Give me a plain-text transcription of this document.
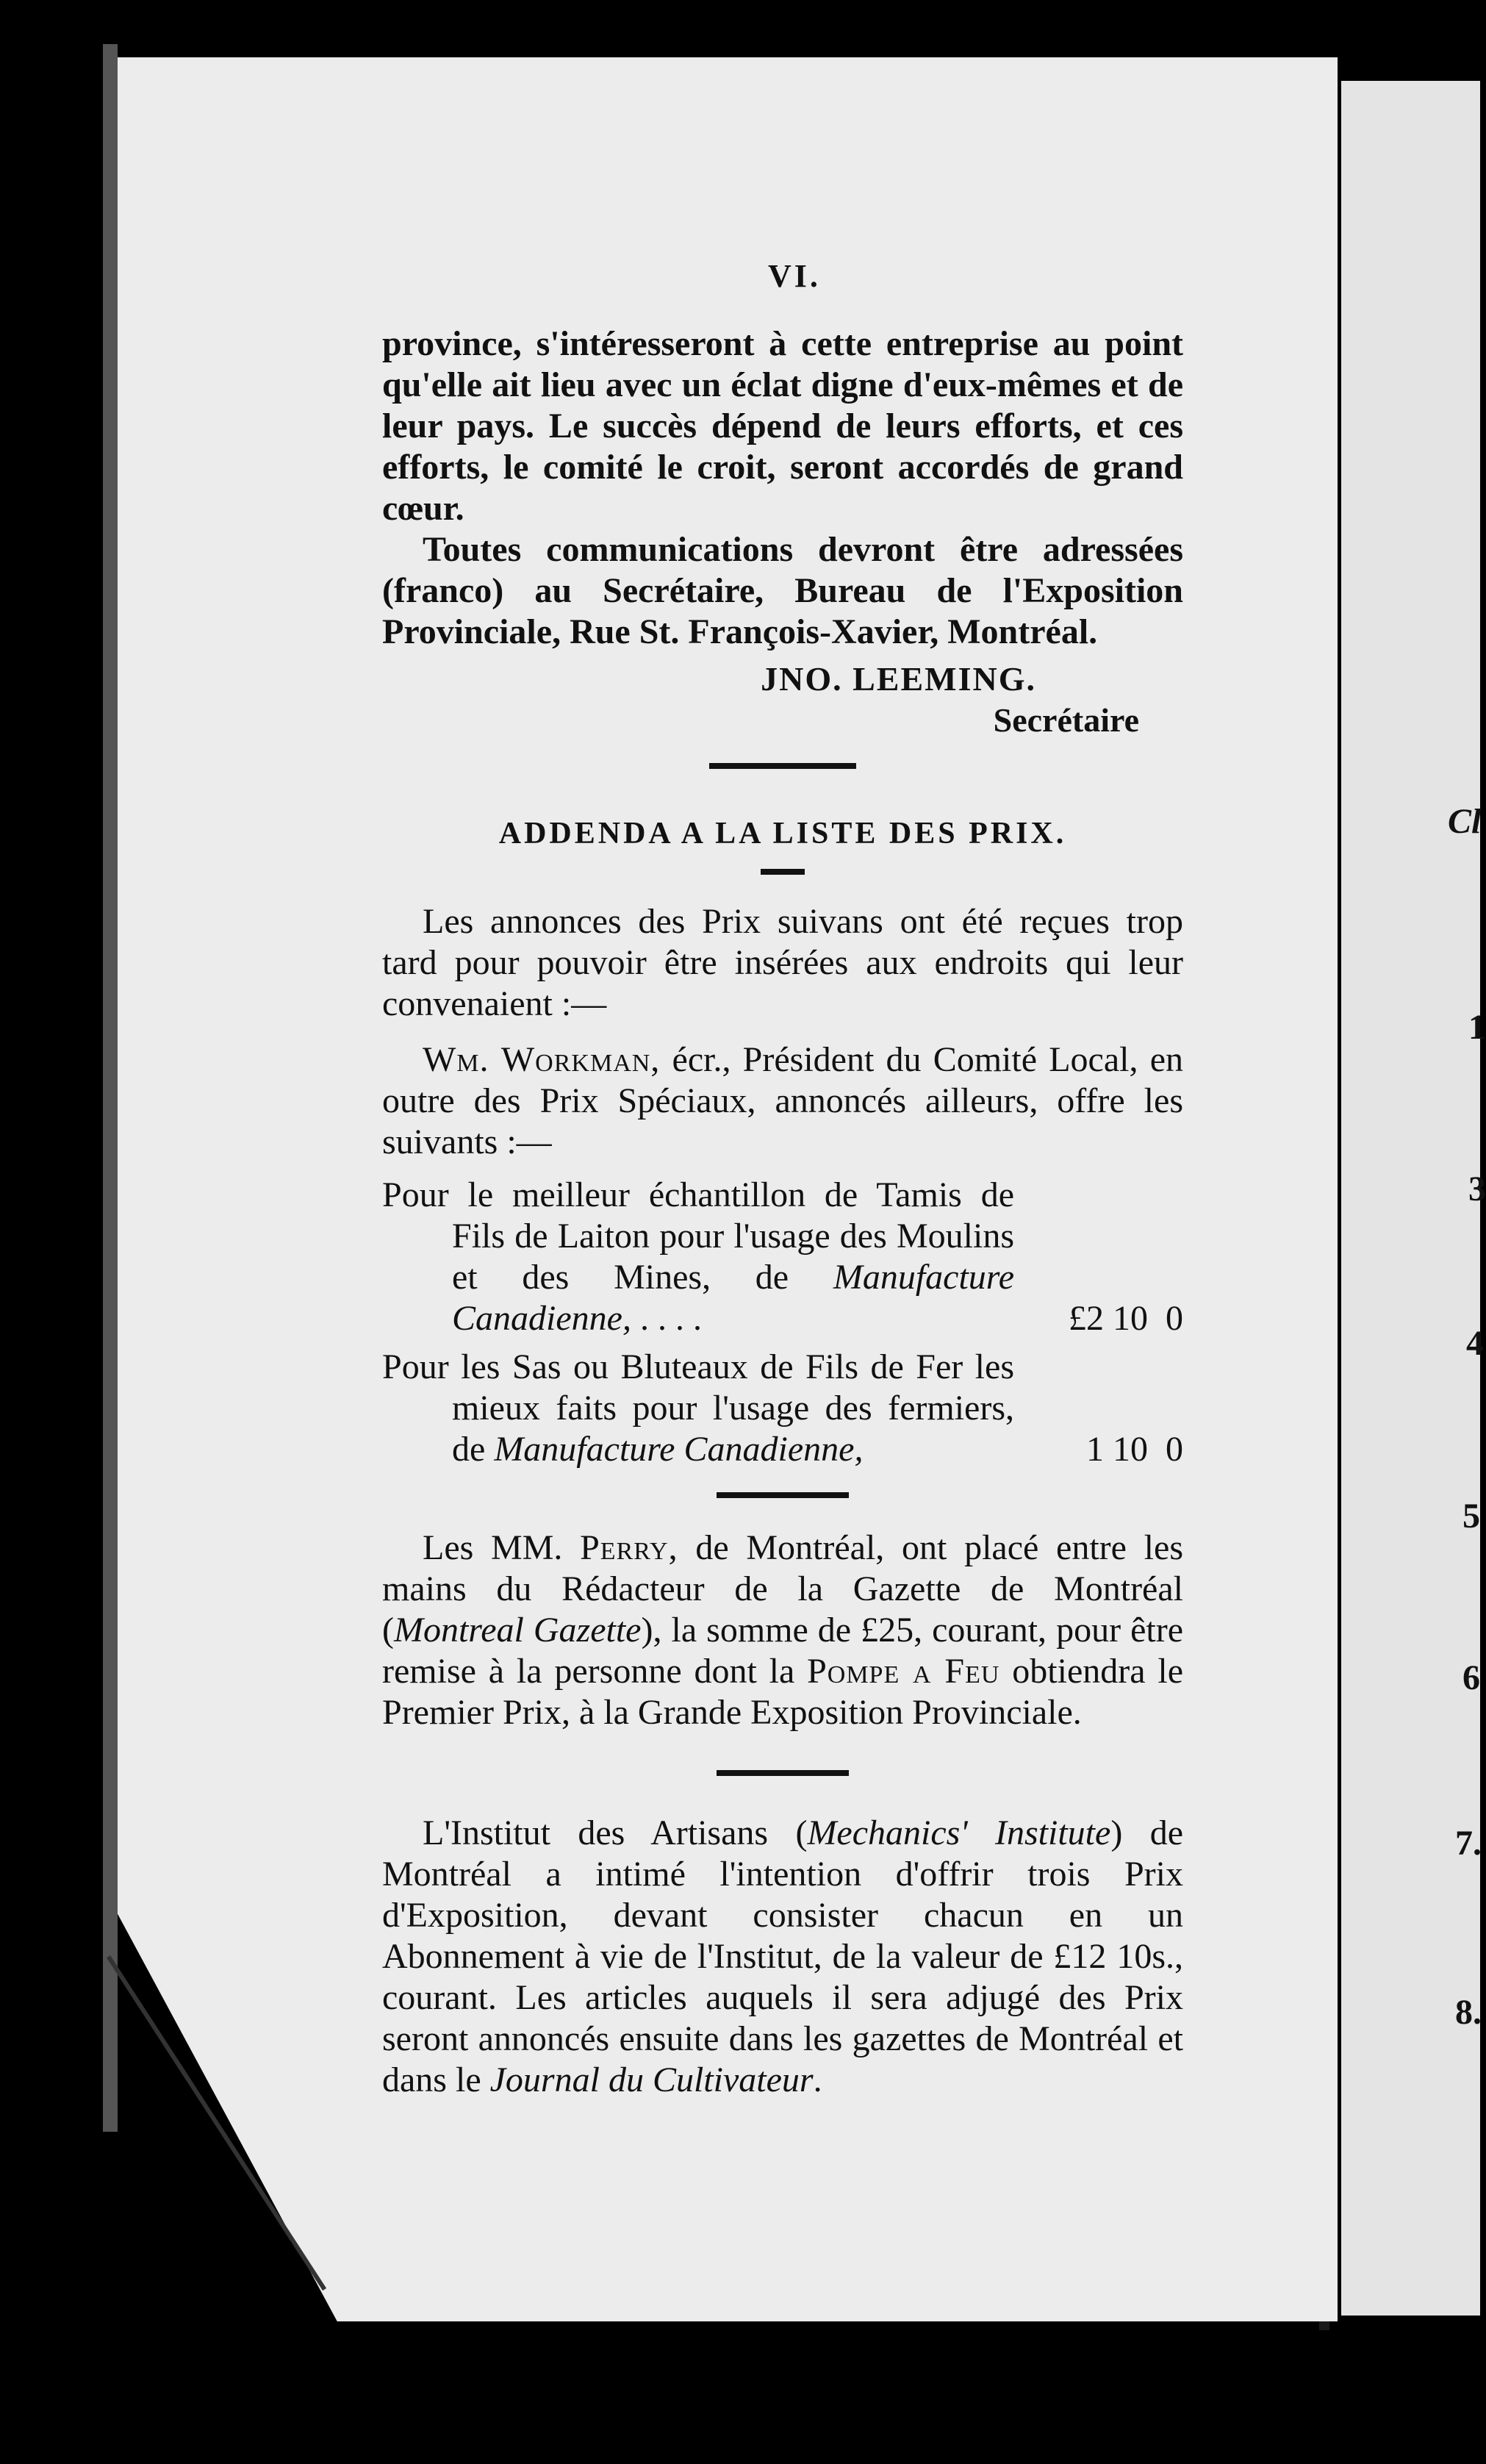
VI.

province, s'intéresseront à cette entreprise au point qu'elle ait lieu avec un éclat digne d'eux-mêmes et de leur pays. Le succès dépend de leurs efforts, et ces efforts, le comité le croit, seront accordés de grand cœur.

Toutes communications devront être adressées (franco) au Secrétaire, Bureau de l'Exposition Provinciale, Rue St. François-Xavier, Montréal.

JNO. LEEMING.

Secrétaire

ADDENDA A LA LISTE DES PRIX.

Les annonces des Prix suivans ont été reçues trop tard pour pouvoir être insérées aux endroits qui leur convenaient :—

Wm. Workman, écr., Président du Comité Local, en outre des Prix Spéciaux, annoncés ailleurs, offre les suivants :—

Pour le meilleur échantillon de Tamis de Fils de Laiton pour l'usage des Moulins et des Mines, de Manufacture Canadienne, . . . .	£2 10  0
Pour les Sas ou Bluteaux de Fils de Fer les mieux faits pour l'usage des fermiers, de Manufacture Canadienne,	1 10  0

Les MM. Perry, de Montréal, ont placé entre les mains du Rédacteur de la Gazette de Montréal (Montreal Gazette), la somme de £25, courant, pour être remise à la personne dont la Pompe a Feu obtiendra le Premier Prix, à la Grande Exposition Provinciale.

L'Institut des Artisans (Mechanics' Institute) de Montréal a intimé l'intention d'offrir trois Prix d'Exposition, devant consister chacun en un Abonnement à vie de l'Institut, de la valeur de £12 10s., courant. Les articles auquels il sera adjugé des Prix seront annoncés ensuite dans les gazettes de Montréal et dans le Journal du Cultivateur.

Cl
1
3
4
5
6
7.
8.
